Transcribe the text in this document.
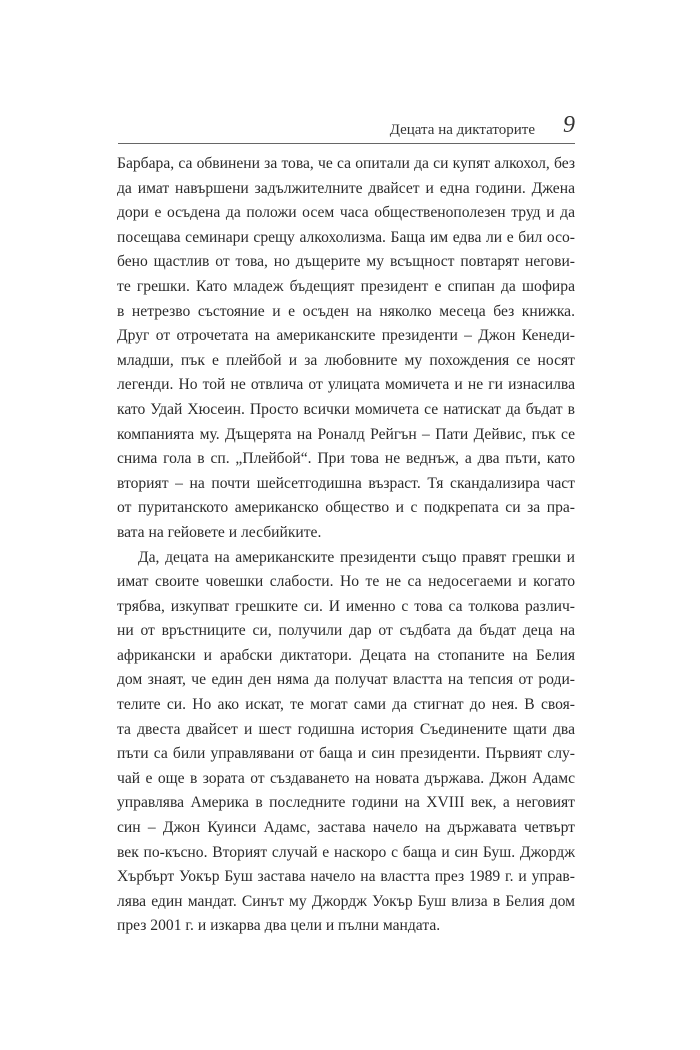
Децата на диктаторите 9
Барбара, са обвинени за това, че са опитали да си купят алкохол, без
да имат навършени задължителните двайсет и една години. Джена
дори е осъдена да положи осем часа общественополезен труд и да
посещава семинари срещу алкохолизма. Баща им едва ли е бил осо-
бено щастлив от това, но дъщерите му всъщност повтарят негови-
те грешки. Като младеж бъдещият президент е спипан да шофира
в нетрезво състояние и е осъден на няколко месеца без книжка.
Друг от отрочетата на американските президенти – Джон Кенеди-
младши, пък е плейбой и за любовните му похождения се носят
легенди. Но той не отвлича от улицата момичета и не ги изнасилва
като Удай Хюсеин. Просто всички момичета се натискат да бъдат в
компанията му. Дъщерята на Роналд Рейгън – Пати Дейвис, пък се
снима гола в сп. „Плейбой“. При това не веднъж, а два пъти, като
вторият – на почти шейсетгодишна възраст. Тя скандализира част
от пуританското американско общество и с подкрепата си за пра-
вата на гейовете и лесбийките.
Да, децата на американските президенти също правят грешки и
имат своите човешки слабости. Но те не са недосегаеми и когато
трябва, изкупват грешките си. И именно с това са толкова различ-
ни от връстниците си, получили дар от съдбата да бъдат деца на
африкански и арабски диктатори. Децата на стопаните на Белия
дом знаят, че един ден няма да получат властта на тепсия от роди-
телите си. Но ако искат, те могат сами да стигнат до нея. В своя-
та двеста двайсет и шест годишна история Съединените щати два
пъти са били управлявани от баща и син президенти. Първият слу-
чай е още в зората от създаването на новата държава. Джон Адамс
управлява Америка в последните години на XVIII век, а неговият
син – Джон Куинси Адамс, застава начело на държавата четвърт
век по-късно. Вторият случай е наскоро с баща и син Буш. Джордж
Хърбърт Уокър Буш застава начело на властта през 1989 г. и управ-
лява един мандат. Синът му Джордж Уокър Буш влиза в Белия дом
през 2001 г. и изкарва два цели и пълни мандата.
